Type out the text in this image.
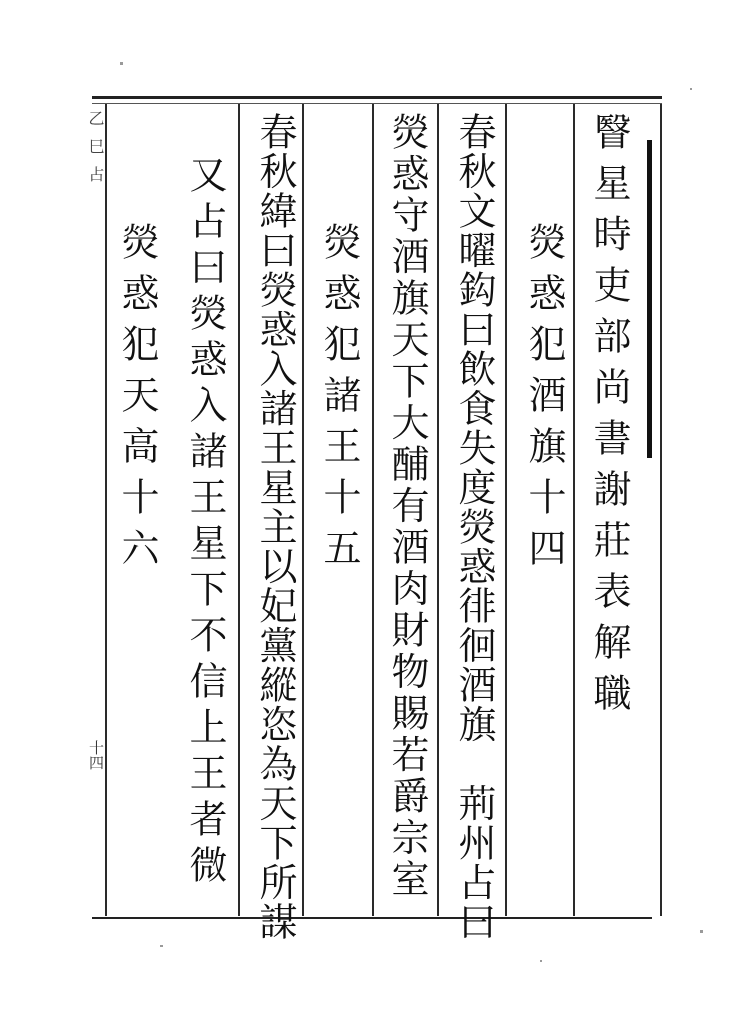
乙巳占
十四
瞖星時吏部尚書謝莊表解職
熒惑犯酒旗十四
春秋文曜鈎曰飲食失度熒惑徘徊酒旗　荊州占曰
熒惑守酒旗天下大酺有酒肉財物賜若爵宗室
熒惑犯諸王十五
春秋緯曰熒惑入諸王星主以妃黨縱恣為天下所謀
又占曰熒惑入諸王星下不信上王者微
熒惑犯天高十六
